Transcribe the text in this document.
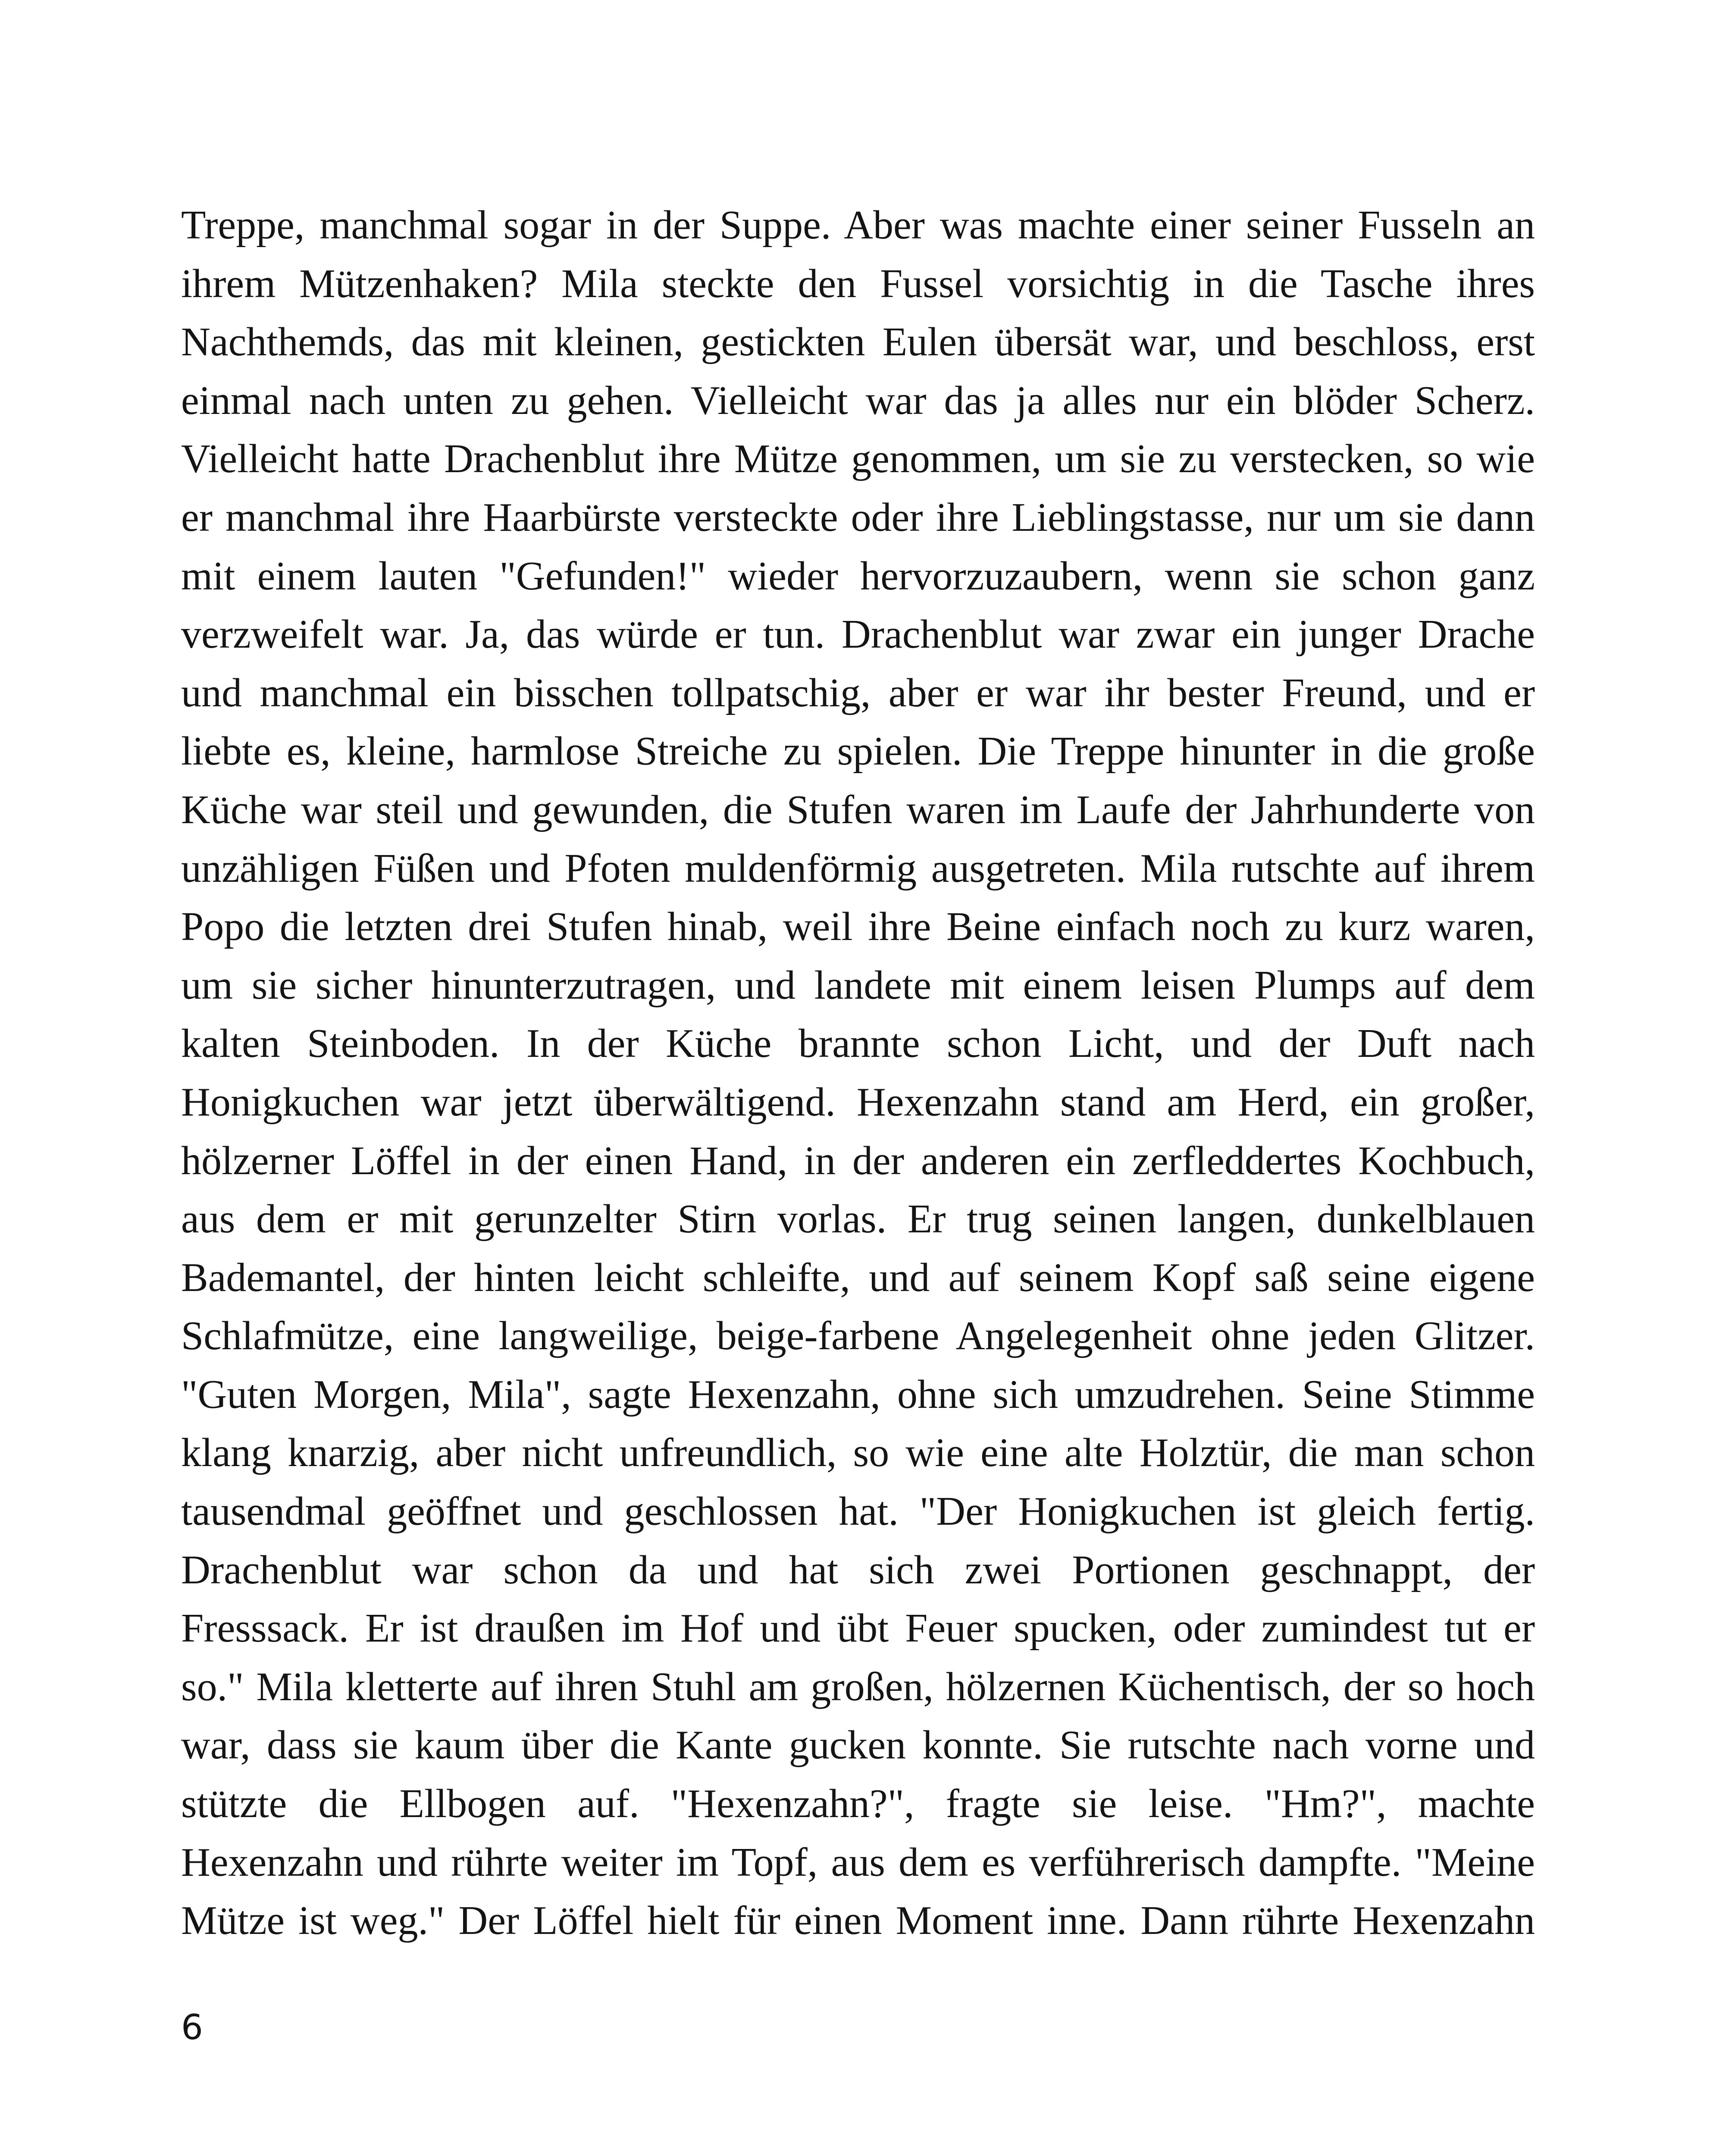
Treppe, manchmal sogar in der Suppe. Aber was machte einer seiner Fusseln an
ihrem Mützenhaken? Mila steckte den Fussel vorsichtig in die Tasche ihres
Nachthemds, das mit kleinen, gestickten Eulen übersät war, und beschloss, erst
einmal nach unten zu gehen. Vielleicht war das ja alles nur ein blöder Scherz.
Vielleicht hatte Drachenblut ihre Mütze genommen, um sie zu verstecken, so wie
er manchmal ihre Haarbürste versteckte oder ihre Lieblingstasse, nur um sie dann
mit einem lauten "Gefunden!" wieder hervorzuzaubern, wenn sie schon ganz
verzweifelt war. Ja, das würde er tun. Drachenblut war zwar ein junger Drache
und manchmal ein bisschen tollpatschig, aber er war ihr bester Freund, und er
liebte es, kleine, harmlose Streiche zu spielen. Die Treppe hinunter in die große
Küche war steil und gewunden, die Stufen waren im Laufe der Jahrhunderte von
unzähligen Füßen und Pfoten muldenförmig ausgetreten. Mila rutschte auf ihrem
Popo die letzten drei Stufen hinab, weil ihre Beine einfach noch zu kurz waren,
um sie sicher hinunterzutragen, und landete mit einem leisen Plumps auf dem
kalten Steinboden. In der Küche brannte schon Licht, und der Duft nach
Honigkuchen war jetzt überwältigend. Hexenzahn stand am Herd, ein großer,
hölzerner Löffel in der einen Hand, in der anderen ein zerfleddertes Kochbuch,
aus dem er mit gerunzelter Stirn vorlas. Er trug seinen langen, dunkelblauen
Bademantel, der hinten leicht schleifte, und auf seinem Kopf saß seine eigene
Schlafmütze, eine langweilige, beige-farbene Angelegenheit ohne jeden Glitzer.
"Guten Morgen, Mila", sagte Hexenzahn, ohne sich umzudrehen. Seine Stimme
klang knarzig, aber nicht unfreundlich, so wie eine alte Holztür, die man schon
tausendmal geöffnet und geschlossen hat. "Der Honigkuchen ist gleich fertig.
Drachenblut war schon da und hat sich zwei Portionen geschnappt, der
Fresssack. Er ist draußen im Hof und übt Feuer spucken, oder zumindest tut er
so." Mila kletterte auf ihren Stuhl am großen, hölzernen Küchentisch, der so hoch
war, dass sie kaum über die Kante gucken konnte. Sie rutschte nach vorne und
stützte die Ellbogen auf. "Hexenzahn?", fragte sie leise. "Hm?", machte
Hexenzahn und rührte weiter im Topf, aus dem es verführerisch dampfte. "Meine
Mütze ist weg." Der Löffel hielt für einen Moment inne. Dann rührte Hexenzahn
6
